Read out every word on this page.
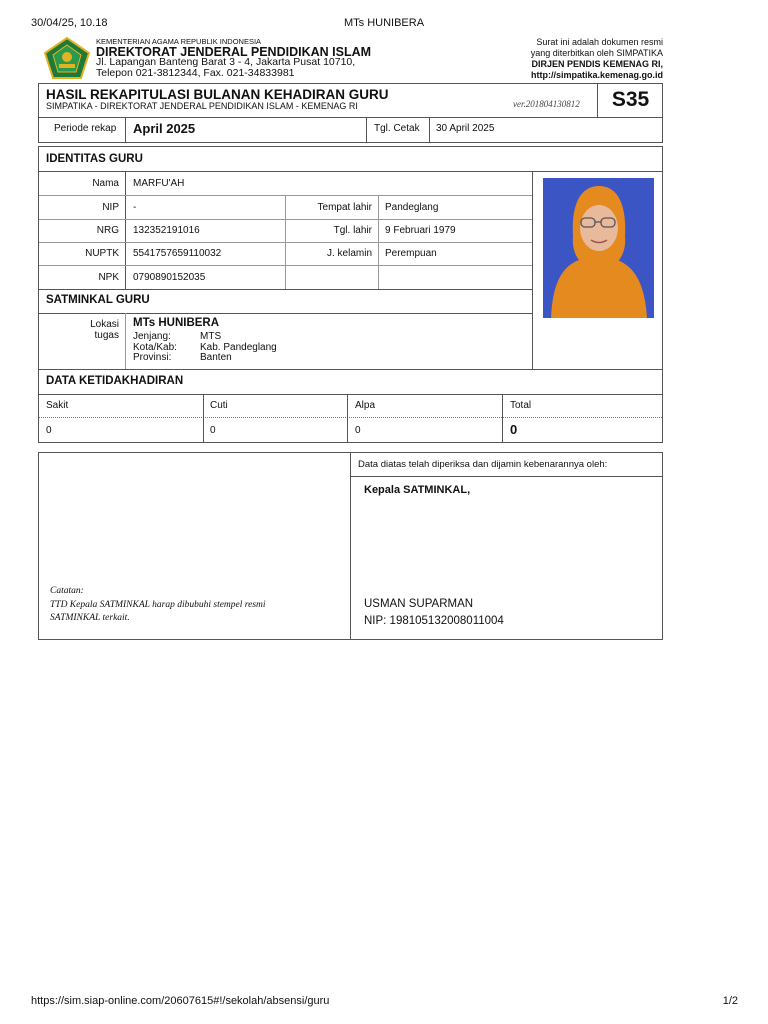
30/04/25, 10.18	MTs HUNIBERA
KEMENTERIAN AGAMA REPUBLIK INDONESIA
DIREKTORAT JENDERAL PENDIDIKAN ISLAM
Jl. Lapangan Banteng Barat 3 - 4, Jakarta Pusat 10710,
Telepon 021-3812344, Fax. 021-34833981
Surat ini adalah dokumen resmi
yang diterbitkan oleh SIMPATIKA
DIRJEN PENDIS KEMENAG RI,
http://simpatika.kemenag.go.id
HASIL REKAPITULASI BULANAN KEHADIRAN GURU
SIMPATIKA - DIREKTORAT JENDERAL PENDIDIKAN ISLAM - KEMENAG RI	ver.201804130812	S35
Periode rekap April 2025	Tgl. Cetak 30 April 2025
IDENTITAS GURU
Nama MARFU'AH
NIP -	Tempat lahir Pandeglang
NRG 132352191016	Tgl. lahir 9 Februari 1979
NUPTK 5541757659110032	J. kelamin Perempuan
NPK 0790890152035
SATMINKAL GURU
Lokasi
tugas
MTs HUNIBERA
Jenjang:	MTS
Kota/Kab: Kab. Pandeglang
Provinsi:	Banten
DATA KETIDAKHADIRAN
Sakit
0
Cuti
0
Alpa
0
Total
0
Data diatas telah diperiksa dan dijamin kebenarannya oleh:
Kepala SATMINKAL,
USMAN SUPARMAN
NIP: 198105132008011004
Catatan:
TTD Kepala SATMINKAL harap dibubuhi stempel resmi
SATMINKAL terkait.
https://sim.siap-online.com/20607615#!/sekolah/absensi/guru	1/2
